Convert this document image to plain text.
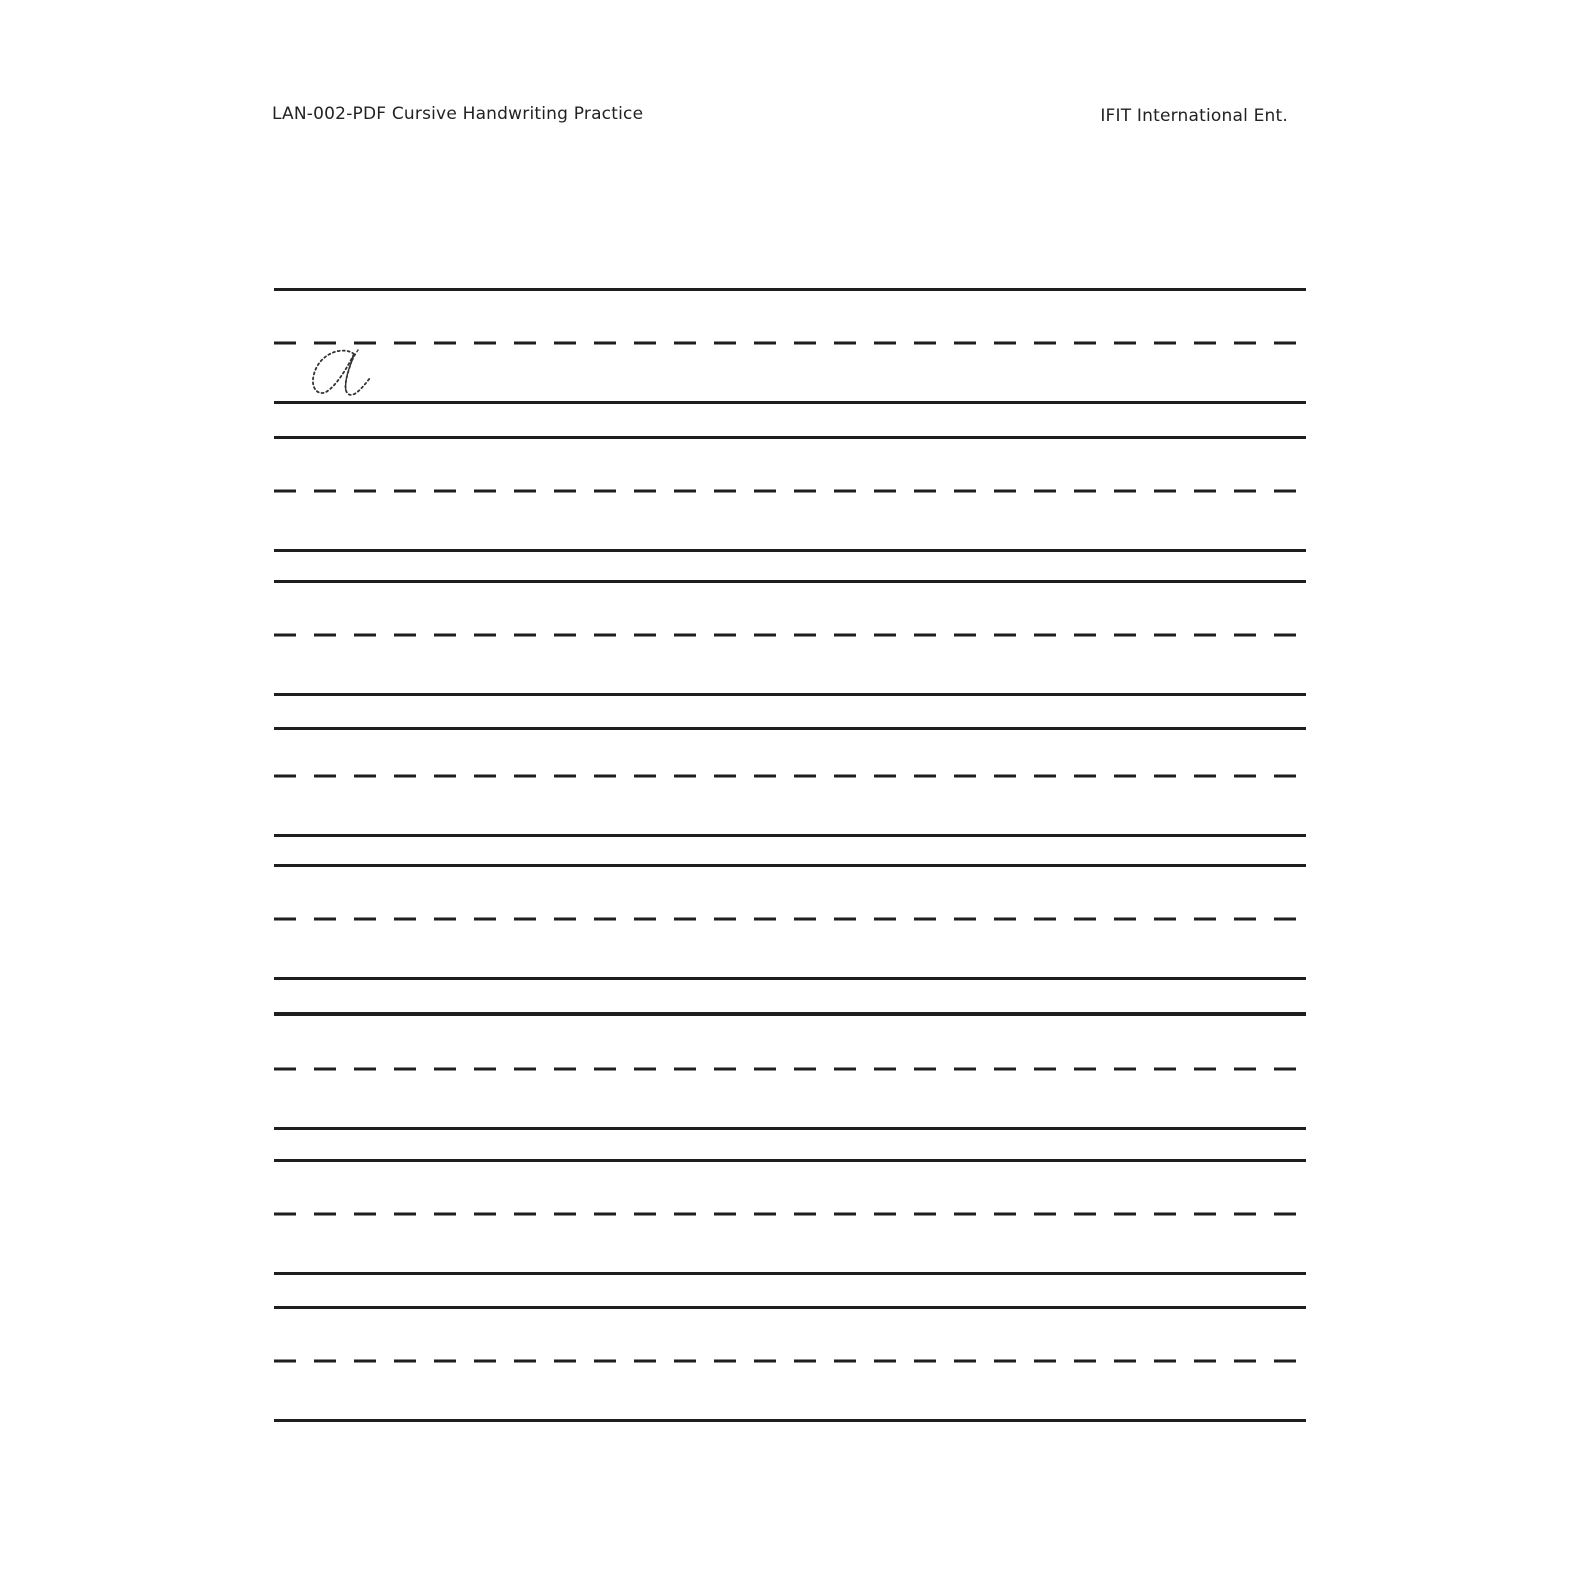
LAN-002-PDF Cursive Handwriting Practice	IFIT International Ent.
